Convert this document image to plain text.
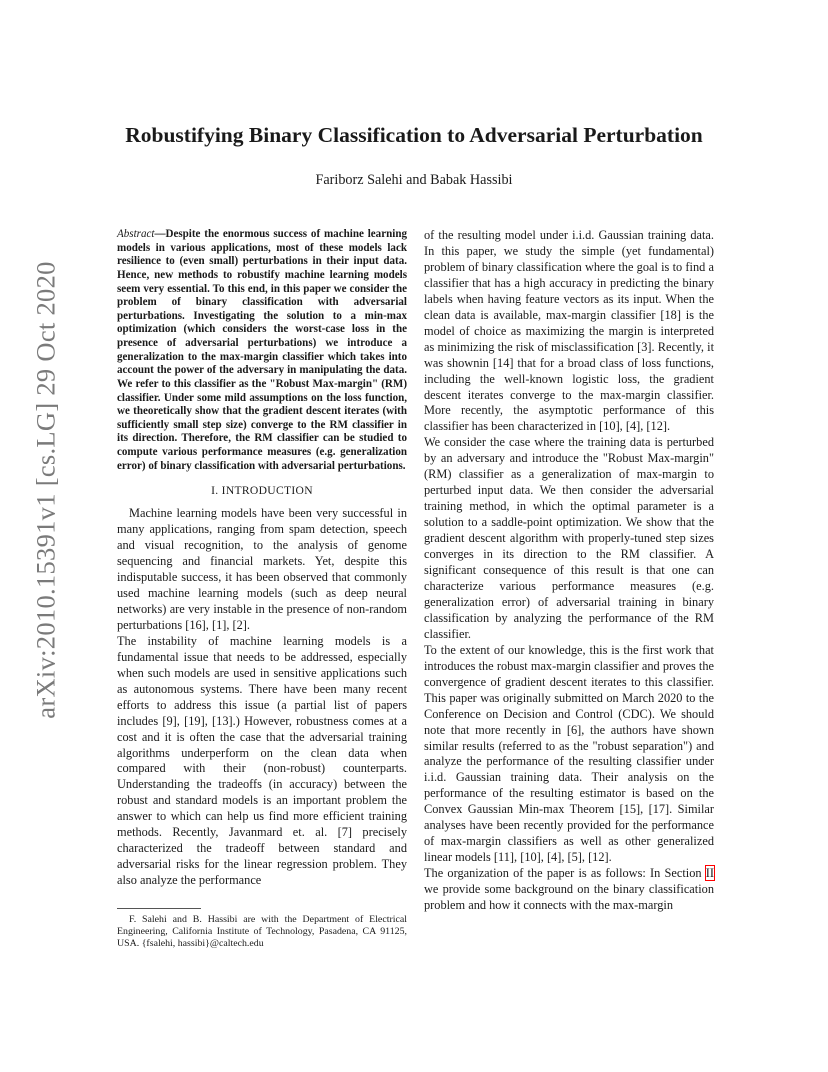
arXiv:2010.15391v1 [cs.LG] 29 Oct 2020
Robustifying Binary Classification to Adversarial Perturbation
Fariborz Salehi and Babak Hassibi

Abstract—Despite the enormous success of machine learning models in various applications, most of these models lack resilience to (even small) perturbations in their input data. Hence, new methods to robustify machine learning models seem very essential. To this end, in this paper we consider the problem of binary classification with adversarial perturbations. Investigating the solution to a min-max optimization (which considers the worst-case loss in the presence of adversarial perturbations) we introduce a generalization to the max-margin classifier which takes into account the power of the adversary in manipulating the data. We refer to this classifier as the "Robust Max-margin" (RM) classifier. Under some mild assumptions on the loss function, we theoretically show that the gradient descent iterates (with sufficiently small step size) converge to the RM classifier in its direction. Therefore, the RM classifier can be studied to compute various performance measures (e.g. generalization error) of binary classification with adversarial perturbations.

I. INTRODUCTION

Machine learning models have been very successful in many applications, ranging from spam detection, speech and visual recognition, to the analysis of genome sequencing and financial markets. Yet, despite this indisputable success, it has been observed that commonly used machine learning models (such as deep neural networks) are very instable in the presence of non-random perturbations [16], [1], [2].

The instability of machine learning models is a fundamental issue that needs to be addressed, especially when such models are used in sensitive applications such as autonomous systems. There have been many recent efforts to address this issue (a partial list of papers includes [9], [19], [13].) However, robustness comes at a cost and it is often the case that the adversarial training algorithms underperform on the clean data when compared with their (non-robust) counterparts. Understanding the tradeoffs (in accuracy) between the robust and standard models is an important problem the answer to which can help us find more efficient training methods. Recently, Javanmard et. al. [7] precisely characterized the tradeoff between standard and adversarial risks for the linear regression problem. They also analyze the performance

F. Salehi and B. Hassibi are with the Department of Electrical Engineering, California Institute of Technology, Pasadena, CA 91125, USA. {fsalehi, hassibi}@caltech.edu

of the resulting model under i.i.d. Gaussian training data. In this paper, we study the simple (yet fundamental) problem of binary classification where the goal is to find a classifier that has a high accuracy in predicting the binary labels when having feature vectors as its input. When the clean data is available, max-margin classifier [18] is the model of choice as maximizing the margin is interpreted as minimizing the risk of misclassification [3]. Recently, it was shownin [14] that for a broad class of loss functions, including the well-known logistic loss, the gradient descent iterates converge to the max-margin classifier. More recently, the asymptotic performance of this classifier has been characterized in [10], [4], [12].

We consider the case where the training data is perturbed by an adversary and introduce the "Robust Max-margin" (RM) classifier as a generalization of max-margin to perturbed input data. We then consider the adversarial training method, in which the optimal parameter is a solution to a saddle-point optimization. We show that the gradient descent algorithm with properly-tuned step sizes converges in its direction to the RM classifier. A significant consequence of this result is that one can characterize various performance measures (e.g. generalization error) of adversarial training in binary classification by analyzing the performance of the RM classifier.

To the extent of our knowledge, this is the first work that introduces the robust max-margin classifier and proves the convergence of gradient descent iterates to this classifier. This paper was originally submitted on March 2020 to the Conference on Decision and Control (CDC). We should note that more recently in [6], the authors have shown similar results (referred to as the "robust separation") and analyze the performance of the resulting classifier under i.i.d. Gaussian training data. Their analysis on the performance of the resulting estimator is based on the Convex Gaussian Min-max Theorem [15], [17]. Similar analyses have been recently provided for the performance of max-margin classifiers as well as other generalized linear models [11], [10], [4], [5], [12].

The organization of the paper is as follows: In Section II we provide some background on the binary classification problem and how it connects with the max-margin
